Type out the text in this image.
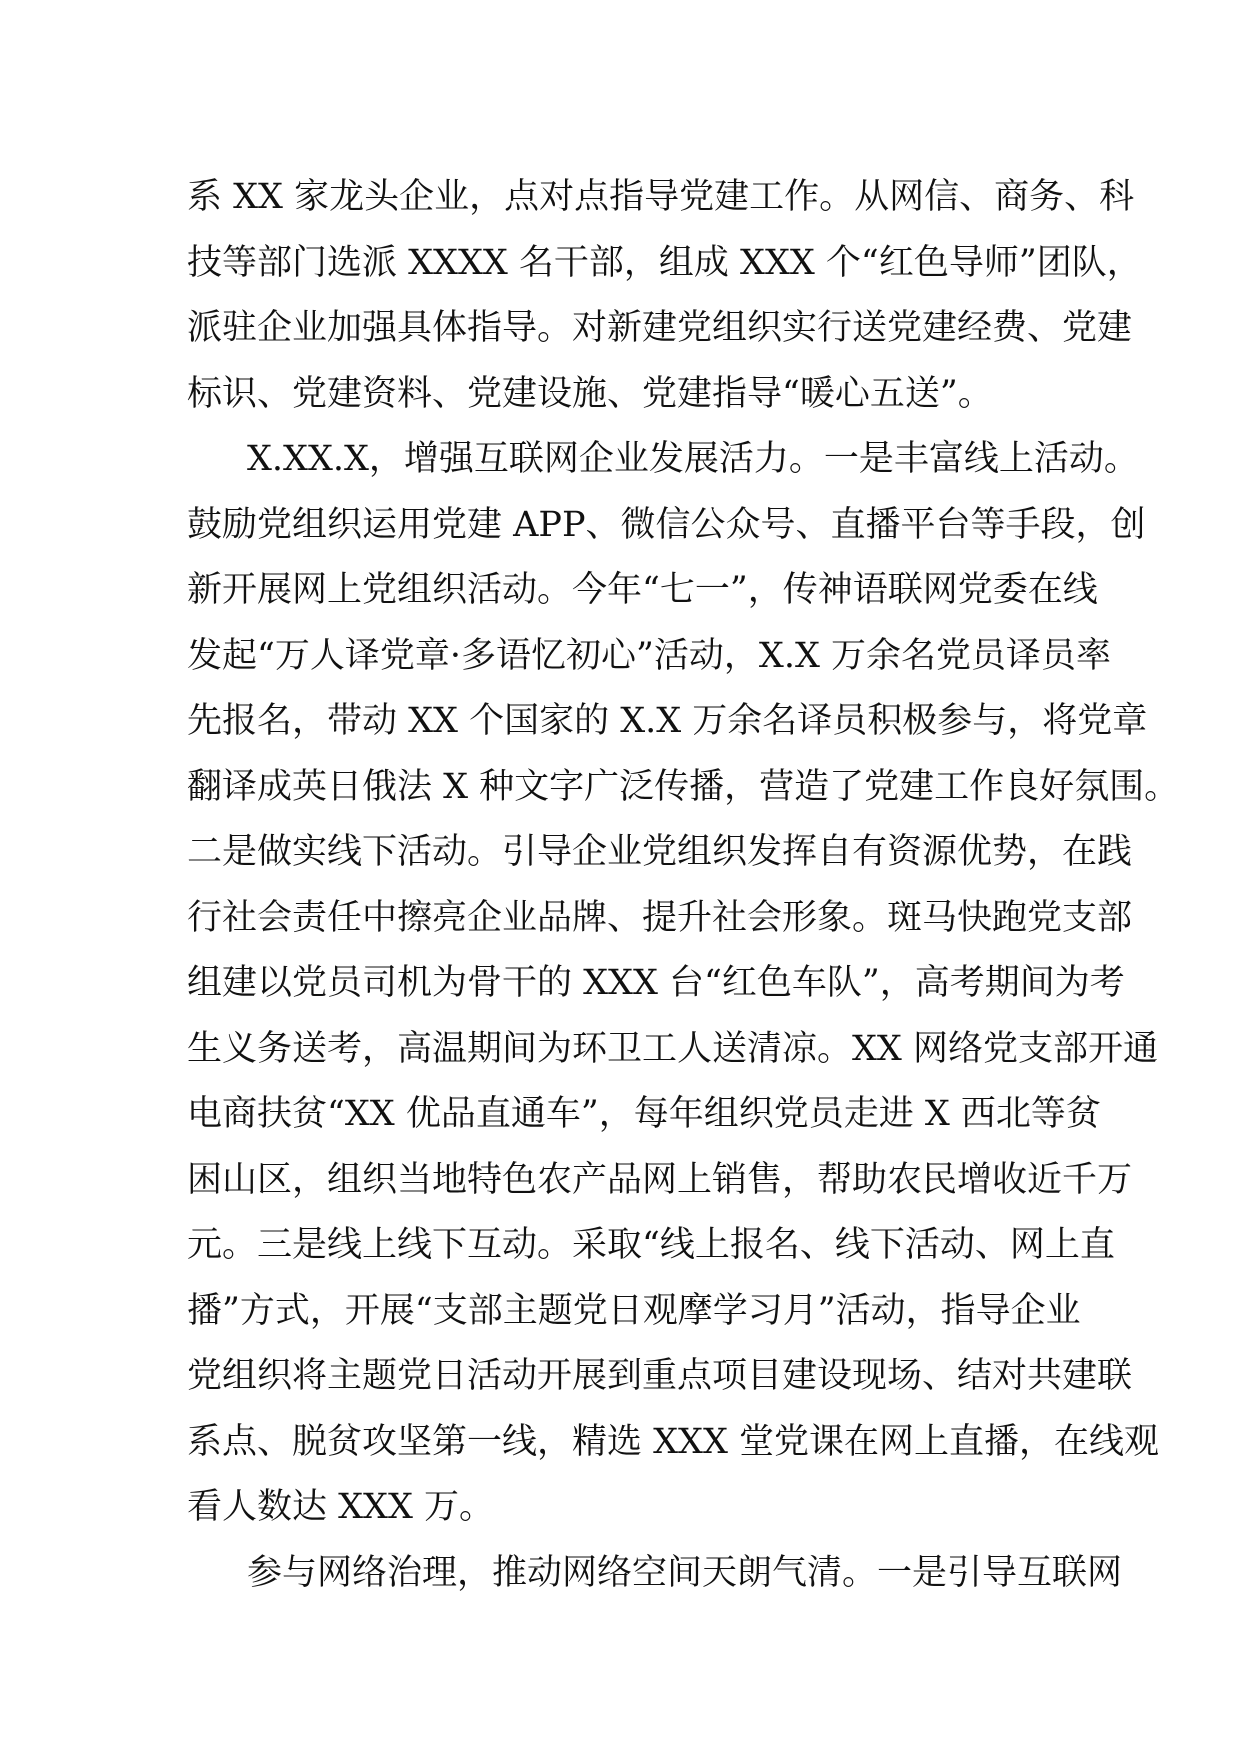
系 XX 家龙头企业，点对点指导党建工作。从网信、商务、科
技等部门选派 XXXX 名干部，组成 XXX 个“红色导师”团队，
派驻企业加强具体指导。对新建党组织实行送党建经费、党建
标识、党建资料、党建设施、党建指导“暖心五送”。
X.XX.X，增强互联网企业发展活力。一是丰富线上活动。
鼓励党组织运用党建 APP、微信公众号、直播平台等手段，创
新开展网上党组织活动。今年“七一”，传神语联网党委在线
发起“万人译党章·多语忆初心”活动，X.X 万余名党员译员率
先报名，带动 XX 个国家的 X.X 万余名译员积极参与，将党章
翻译成英日俄法 X 种文字广泛传播，营造了党建工作良好氛围。
二是做实线下活动。引导企业党组织发挥自有资源优势，在践
行社会责任中擦亮企业品牌、提升社会形象。斑马快跑党支部
组建以党员司机为骨干的 XXX 台“红色车队”，高考期间为考
生义务送考，高温期间为环卫工人送清凉。XX 网络党支部开通
电商扶贫“XX 优品直通车”，每年组织党员走进 X 西北等贫
困山区，组织当地特色农产品网上销售，帮助农民增收近千万
元。三是线上线下互动。采取“线上报名、线下活动、网上直
播”方式，开展“支部主题党日观摩学习月”活动，指导企业
党组织将主题党日活动开展到重点项目建设现场、结对共建联
系点、脱贫攻坚第一线，精选 XXX 堂党课在网上直播，在线观
看人数达 XXX 万。
参与网络治理，推动网络空间天朗气清。一是引导互联网
